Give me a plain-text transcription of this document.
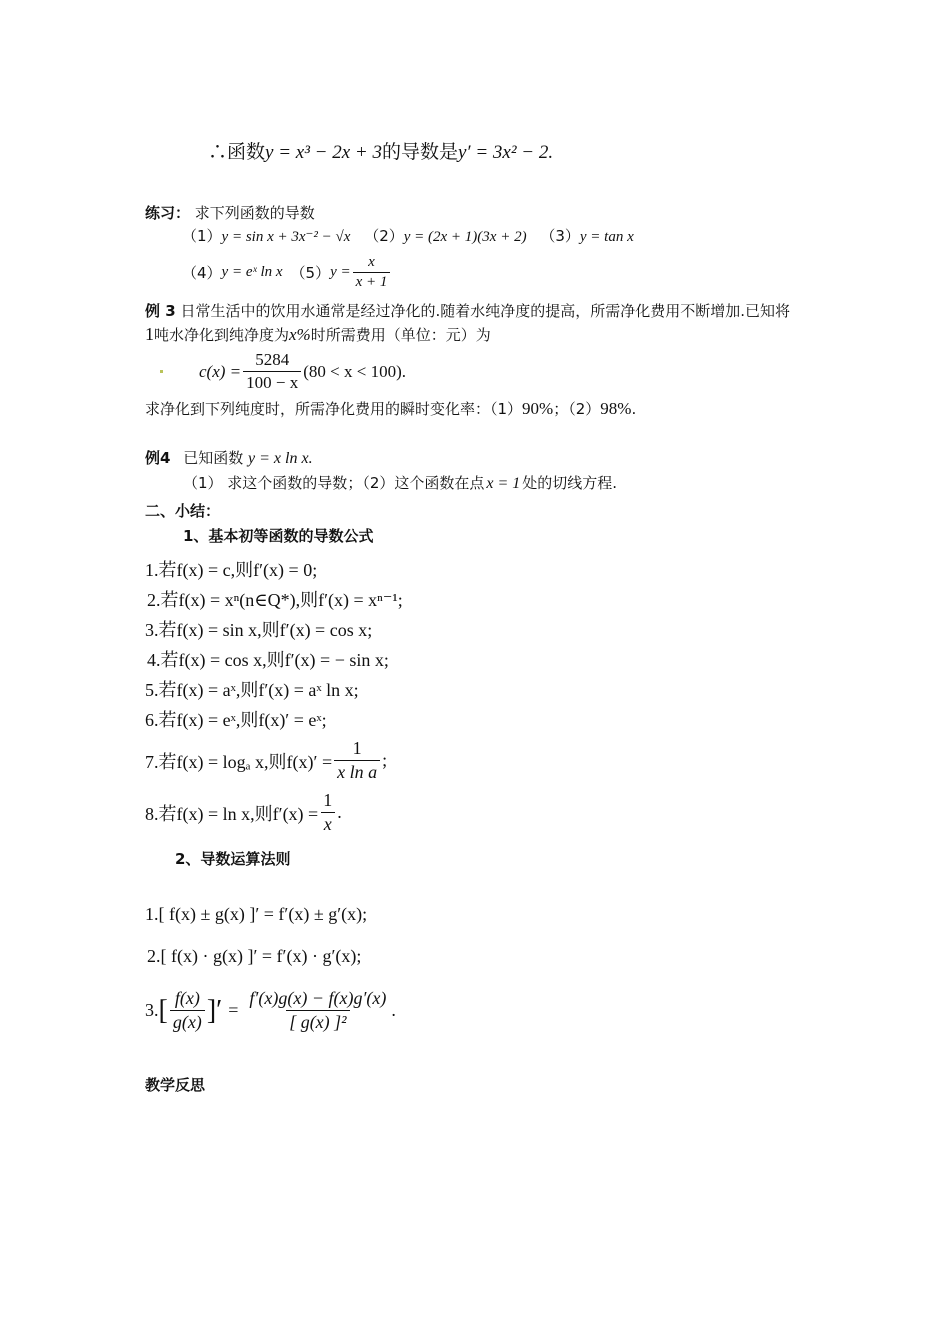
∴函数y = x³ − 2x + 3的导数是y′ = 3x² − 2.
练习： 求下列函数的导数
（1）y = sin x + 3x⁻² − √x （2）y = (2x + 1)(3x + 2) （3）y = tan x
（4） y = eˣ ln x （5） $y = \frac{x}{x + 1}$
例 3 日常生活中的饮用水通常是经过净化的.随着水纯净度的提高，所需净化费用不断增加.已知将
1吨水净化到纯净度为x%时所需费用（单位：元）为
$c(x) = \frac{5284}{100 - x} (80 < x < 100)$.
求净化到下列纯度时，所需净化费用的瞬时变化率：（1）90%；（2）98%.
例4 已知函数 y = x ln x.
（1） 求这个函数的导数；（2）这个函数在点 x = 1 处的切线方程.
二、小结：
1、基本初等函数的导数公式
1.若f(x) = c,则f′(x) = 0;
2.若f(x) = xⁿ(n∈Q*),则f′(x) = xⁿ⁻¹;
3.若f(x) = sin x,则f′(x) = cos x;
4.若f(x) = cos x,则f′(x) = − sin x;
5.若f(x) = aˣ,则f′(x) = aˣ ln x;
6.若f(x) = eˣ,则f(x)′ = eˣ;
7.若f(x) = logₐ x,则$f(x)' = \frac{1}{\text{x ln a}}$ ;
8.若f(x) = ln x,则$f'(x) = \frac{1}{x}$ .
2、导数运算法则
1.[ f(x) ± g(x) ]′ = f′(x) ± g′(x);
2.[ f(x) · g(x) ]′ = f′(x) · g′(x);
3. [ $\frac{f(x)}{g(x)}$ ]′ = $\frac{f'(x)g(x) - f(x)g'(x)}{\text{[ g(x) ]²}}$ .
教学反思
